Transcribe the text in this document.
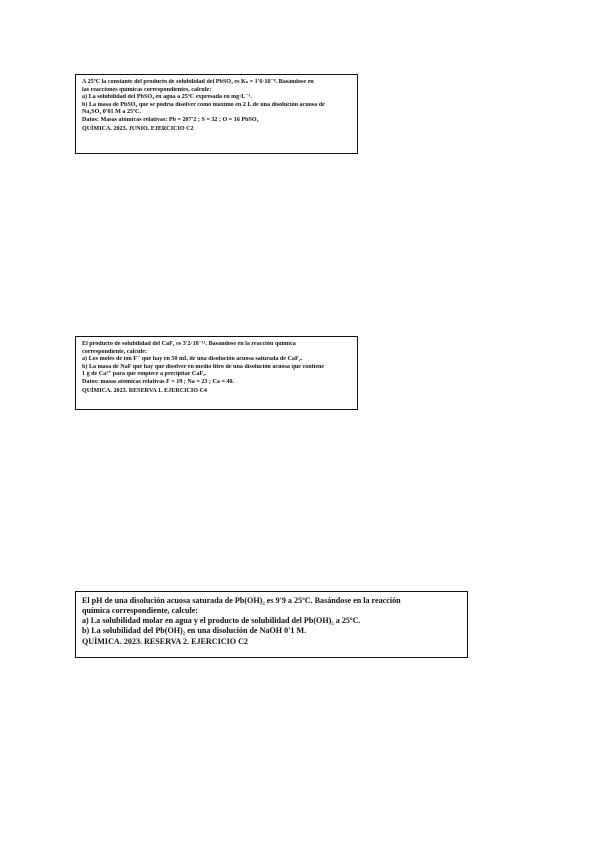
A 25ºC la constante del producto de solubilidad del PbSO₄ es Kₛ = 1'6·10⁻⁸. Basándose en
las reacciones químicas correspondientes, calcule:
a) La solubilidad del PbSO₄ en agua a 25ºC expresada en mg·L⁻¹.
b) La masa de PbSO₄ que se podría disolver como máximo en 2 L de una disolución acuosa de
Na₂SO₄ 0'01 M a 25ºC.
Datos: Masas atómicas relativas: Pb = 207'2 ; S = 32 ; O = 16 PbSO₄
QUÍMICA. 2023. JUNIO. EJERCICIO C2
El producto de solubilidad del CaF₂ es 3'2·10⁻¹¹. Basándose en la reacción química
correspondiente, calcule:
a) Los moles de ion F⁻ que hay en 50 mL de una disolución acuosa saturada de CaF₂.
b) La masa de NaF que hay que disolver en medio litro de una disolución acuosa que contiene
1 g de Ca²⁺ para que empiece a precipitar CaF₂.
Datos: masas atómicas relativas F = 19 ; Na = 23 ; Ca = 40.
QUÍMICA. 2023. RESERVA 1. EJERCICIO C4
El pH de una disolución acuosa saturada de Pb(OH)₂ es 9'9 a 25ºC. Basándose en la reacción
química correspondiente, calcule:
a) La solubilidad molar en agua y el producto de solubilidad del Pb(OH)₂ a 25ºC.
b) La solubilidad del Pb(OH)₂ en una disolución de NaOH 0'1 M.
QUÍMICA. 2023. RESERVA 2. EJERCICIO C2
